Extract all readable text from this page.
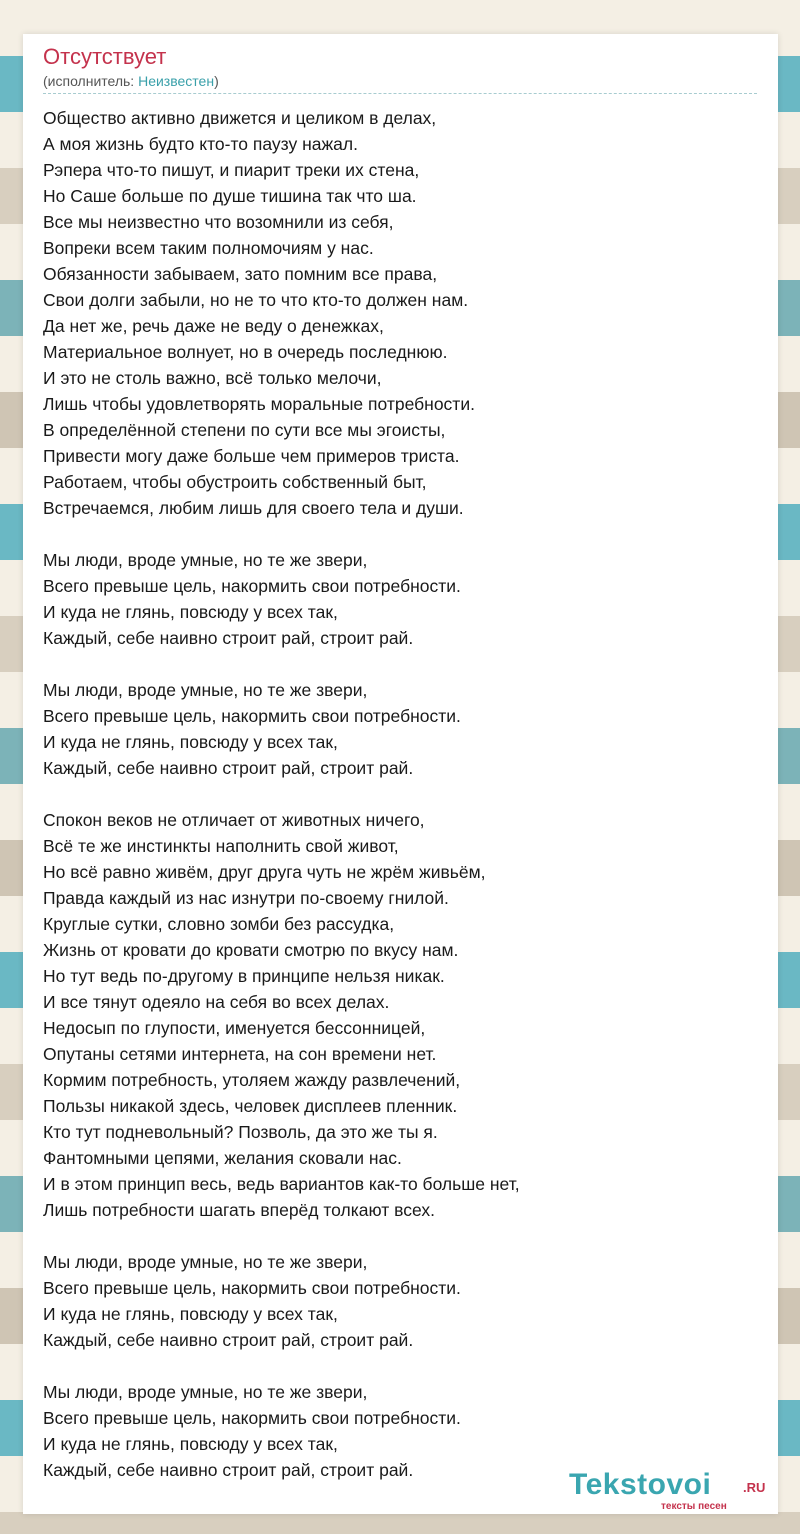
Отсутствует
(исполнитель: Неизвестен)
Общество активно движется и целиком в делах,
А моя жизнь будто кто-то паузу нажал.
Рэпера что-то пишут, и пиарит треки их стена,
Но Саше больше по душе тишина так что ша.
Все мы неизвестно что возомнили из себя,
Вопреки всем таким полномочиям у нас.
Обязанности забываем, зато помним все права,
Свои долги забыли, но не то что кто-то должен нам.
Да нет же, речь даже не веду о денежках,
Материальное волнует, но в очередь последнюю.
И это не столь важно, всё только мелочи,
Лишь чтобы удовлетворять моральные потребности.
В определённой степени по сути все мы эгоисты,
Привести могу даже больше чем примеров триста.
Работаем, чтобы обустроить собственный быт,
Встречаемся, любим лишь для своего тела и души.
Мы люди, вроде умные, но те же звери,
Всего превыше цель, накормить свои потребности.
И куда не глянь, повсюду у всех так,
Каждый, себе наивно строит рай, строит рай.
Мы люди, вроде умные, но те же звери,
Всего превыше цель, накормить свои потребности.
И куда не глянь, повсюду у всех так,
Каждый, себе наивно строит рай, строит рай.
Спокон веков не отличает от животных ничего,
Всё те же инстинкты наполнить свой живот,
Но всё равно живём, друг друга чуть не жрём живьём,
Правда каждый из нас изнутри по-своему гнилой.
Круглые сутки, словно зомби без рассудка,
Жизнь от кровати до кровати смотрю по вкусу нам.
Но тут ведь по-другому в принципе нельзя никак.
И все тянут одеяло на себя во всех делах.
Недосып по глупости, именуется бессонницей,
Опутаны сетями интернета, на сон времени нет.
Кормим потребность, утоляем жажду развлечений,
Пользы никакой здесь, человек дисплеев пленник.
Кто тут подневольный? Позволь, да это же ты я.
Фантомными цепями, желания сковали нас.
И в этом принцип весь, ведь вариантов как-то больше нет,
Лишь потребности шагать вперёд толкают всех.
Мы люди, вроде умные, но те же звери,
Всего превыше цель, накормить свои потребности.
И куда не глянь, повсюду у всех так,
Каждый, себе наивно строит рай, строит рай.
Мы люди, вроде умные, но те же звери,
Всего превыше цель, накормить свои потребности.
И куда не глянь, повсюду у всех так,
Каждый, себе наивно строит рай, строит рай.	Tekstovoi .RU
тексты песен
